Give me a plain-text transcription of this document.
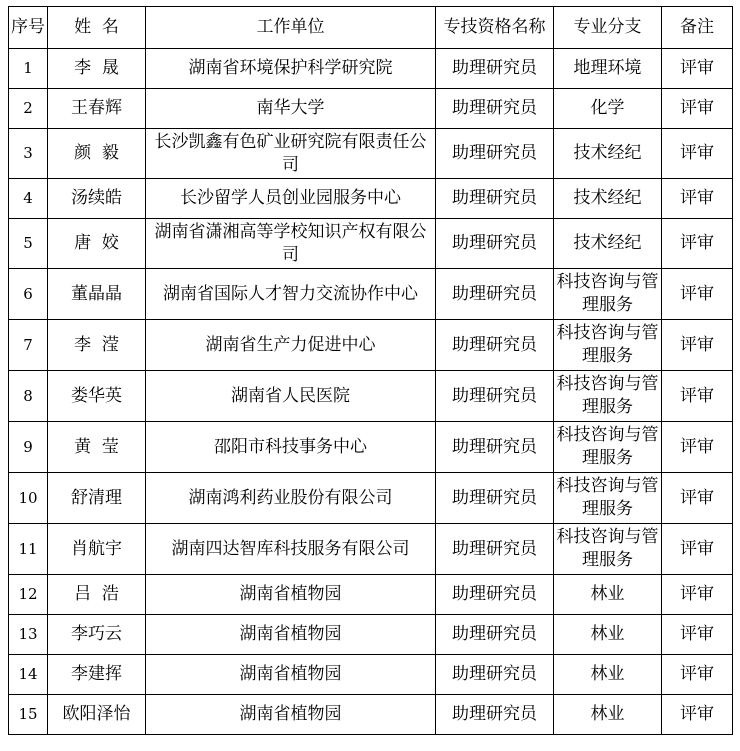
序号	姓  名	工作单位	专技资格名称	专业分支	备注
1	李  晟	湖南省环境保护科学研究院	助理研究员	地理环境	评审
2	王春辉	南华大学	助理研究员	化学	评审
3	颜  毅	长沙凯鑫有色矿业研究院有限责任公司	助理研究员	技术经纪	评审
4	汤续皓	长沙留学人员创业园服务中心	助理研究员	技术经纪	评审
5	唐  姣	湖南省潇湘高等学校知识产权有限公司	助理研究员	技术经纪	评审
6	董晶晶	湖南省国际人才智力交流协作中心	助理研究员	科技咨询与管理服务	评审
7	李  滢	湖南省生产力促进中心	助理研究员	科技咨询与管理服务	评审
8	娄华英	湖南省人民医院	助理研究员	科技咨询与管理服务	评审
9	黄  莹	邵阳市科技事务中心	助理研究员	科技咨询与管理服务	评审
10	舒清理	湖南鸿利药业股份有限公司	助理研究员	科技咨询与管理服务	评审
11	肖航宇	湖南四达智库科技服务有限公司	助理研究员	科技咨询与管理服务	评审
12	吕  浩	湖南省植物园	助理研究员	林业	评审
13	李巧云	湖南省植物园	助理研究员	林业	评审
14	李建挥	湖南省植物园	助理研究员	林业	评审
15	欧阳泽怡	湖南省植物园	助理研究员	林业	评审
